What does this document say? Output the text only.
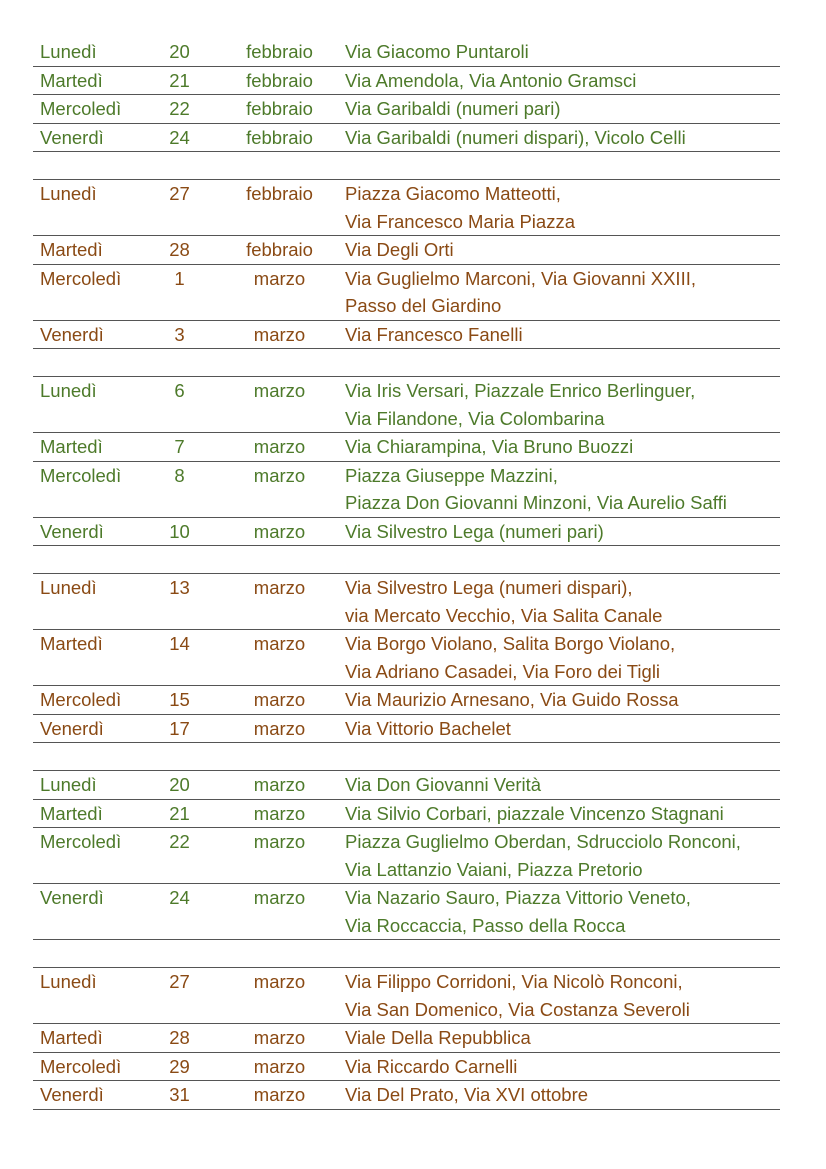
Lunedì	20	febbraio	Via Giacomo Puntaroli

Martedì	21	febbraio	Via Amendola, Via Antonio Gramsci

Mercoledì	22	febbraio	Via Garibaldi (numeri pari)

Venerdì	24	febbraio	Via Garibaldi (numeri dispari), Vicolo Celli

Lunedì	27	febbraio	Piazza Giacomo Matteotti,
Via Francesco Maria Piazza

Martedì	28	febbraio	Via Degli Orti

Mercoledì	1	marzo	Via Guglielmo Marconi, Via Giovanni XXIII,
Passo del Giardino

Venerdì	3	marzo	Via Francesco Fanelli

Lunedì	6	marzo	Via Iris Versari, Piazzale Enrico Berlinguer,
Via Filandone, Via Colombarina

Martedì	7	marzo	Via Chiarampina, Via Bruno Buozzi

Mercoledì	8	marzo	Piazza Giuseppe Mazzini,
Piazza Don Giovanni Minzoni, Via Aurelio Saffi

Venerdì	10	marzo	Via Silvestro Lega (numeri pari)

Lunedì	13	marzo	Via Silvestro Lega (numeri dispari),
via Mercato Vecchio, Via Salita Canale

Martedì	14	marzo	Via Borgo Violano, Salita Borgo Violano,
Via Adriano Casadei, Via Foro dei Tigli

Mercoledì	15	marzo	Via Maurizio Arnesano, Via Guido Rossa

Venerdì	17	marzo	Via Vittorio Bachelet

Lunedì	20	marzo	Via Don Giovanni Verità

Martedì	21	marzo	Via Silvio Corbari, piazzale Vincenzo Stagnani

Mercoledì	22	marzo	Piazza Guglielmo Oberdan, Sdrucciolo Ronconi,
Via Lattanzio Vaiani, Piazza Pretorio

Venerdì	24	marzo	Via Nazario Sauro, Piazza Vittorio Veneto,
Via Roccaccia, Passo della Rocca

Lunedì	27	marzo	Via Filippo Corridoni, Via Nicolò Ronconi,
Via San Domenico, Via Costanza Severoli

Martedì	28	marzo	Viale Della Repubblica

Mercoledì	29	marzo	Via Riccardo Carnelli

Venerdì	31	marzo	Via Del Prato, Via XVI ottobre
